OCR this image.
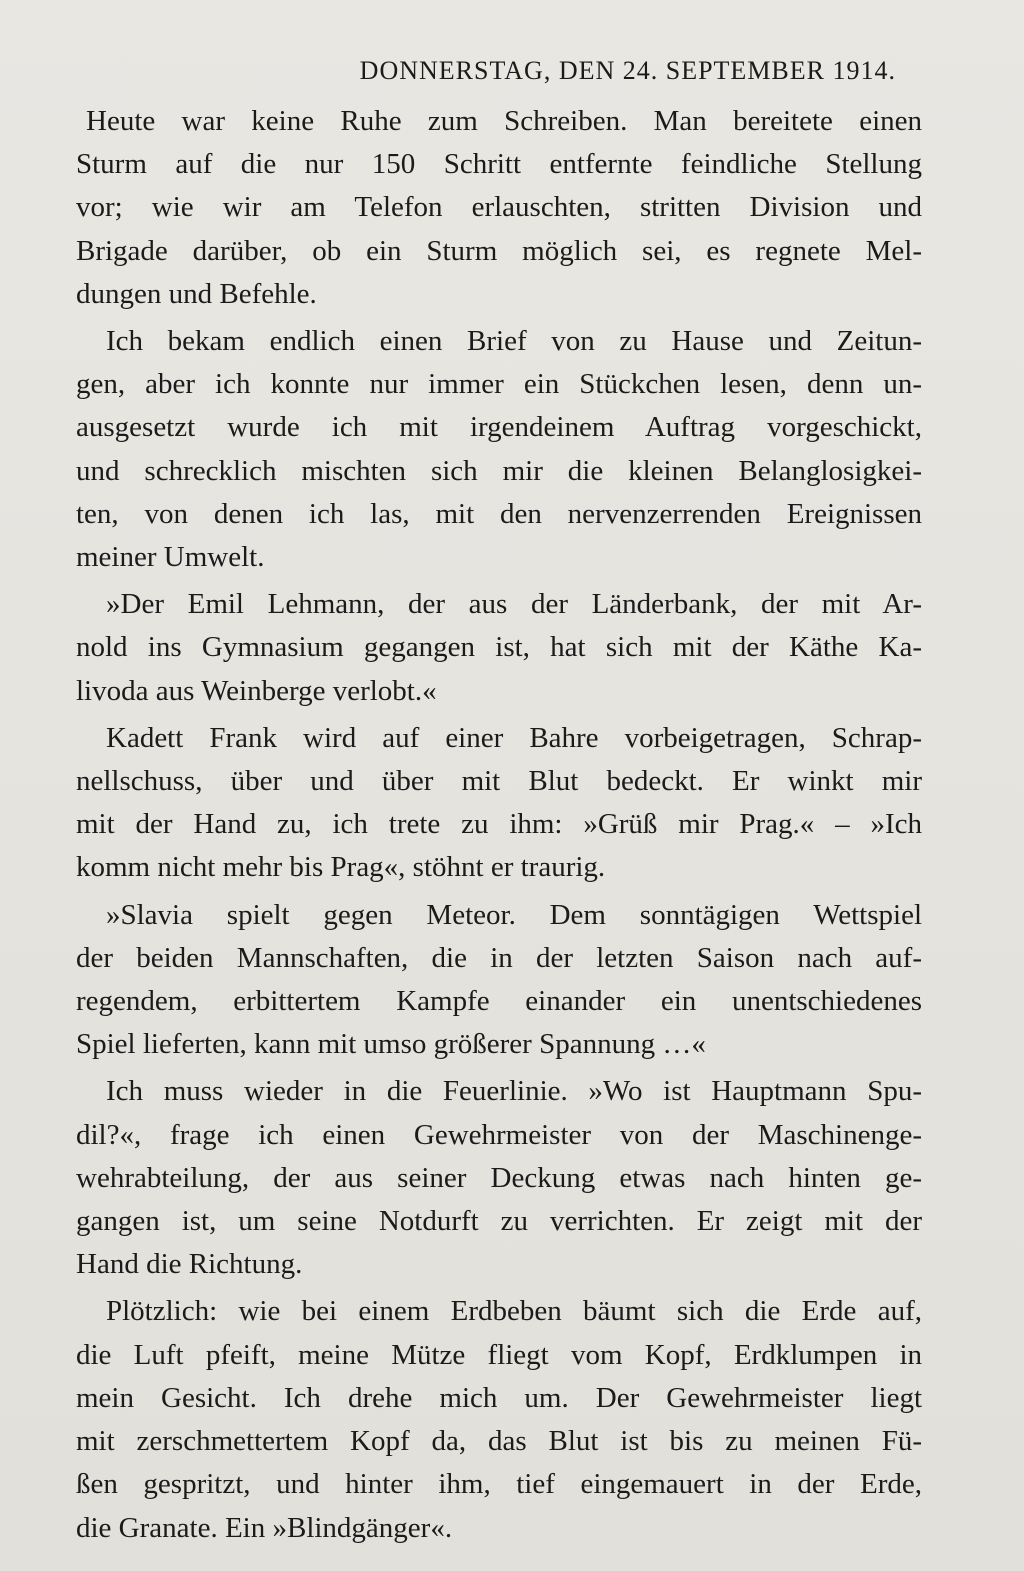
DONNERSTAG, DEN 24. SEPTEMBER 1914.
Heute war keine Ruhe zum Schreiben. Man bereitete einen
Sturm auf die nur 150 Schritt entfernte feindliche Stellung
vor; wie wir am Telefon erlauschten, stritten Division und
Brigade darüber, ob ein Sturm möglich sei, es regnete Mel-
dungen und Befehle.
Ich bekam endlich einen Brief von zu Hause und Zeitun-
gen, aber ich konnte nur immer ein Stückchen lesen, denn un-
ausgesetzt wurde ich mit irgendeinem Auftrag vorgeschickt,
und schrecklich mischten sich mir die kleinen Belanglosigkei-
ten, von denen ich las, mit den nervenzerrenden Ereignissen
meiner Umwelt.
»Der Emil Lehmann, der aus der Länderbank, der mit Ar-
nold ins Gymnasium gegangen ist, hat sich mit der Käthe Ka-
livoda aus Weinberge verlobt.«
Kadett Frank wird auf einer Bahre vorbeigetragen, Schrap-
nellschuss, über und über mit Blut bedeckt. Er winkt mir
mit der Hand zu, ich trete zu ihm: »Grüß mir Prag.« – »Ich
komm nicht mehr bis Prag«, stöhnt er traurig.
»Slavia spielt gegen Meteor. Dem sonntägigen Wettspiel
der beiden Mannschaften, die in der letzten Saison nach auf-
regendem, erbittertem Kampfe einander ein unentschiedenes
Spiel lieferten, kann mit umso größerer Spannung …«
Ich muss wieder in die Feuerlinie. »Wo ist Hauptmann Spu-
dil?«, frage ich einen Gewehrmeister von der Maschinenge-
wehrabteilung, der aus seiner Deckung etwas nach hinten ge-
gangen ist, um seine Notdurft zu verrichten. Er zeigt mit der
Hand die Richtung.
Plötzlich: wie bei einem Erdbeben bäumt sich die Erde auf,
die Luft pfeift, meine Mütze fliegt vom Kopf, Erdklumpen in
mein Gesicht. Ich drehe mich um. Der Gewehrmeister liegt
mit zerschmettertem Kopf da, das Blut ist bis zu meinen Fü-
ßen gespritzt, und hinter ihm, tief eingemauert in der Erde,
die Granate. Ein »Blindgänger«.
